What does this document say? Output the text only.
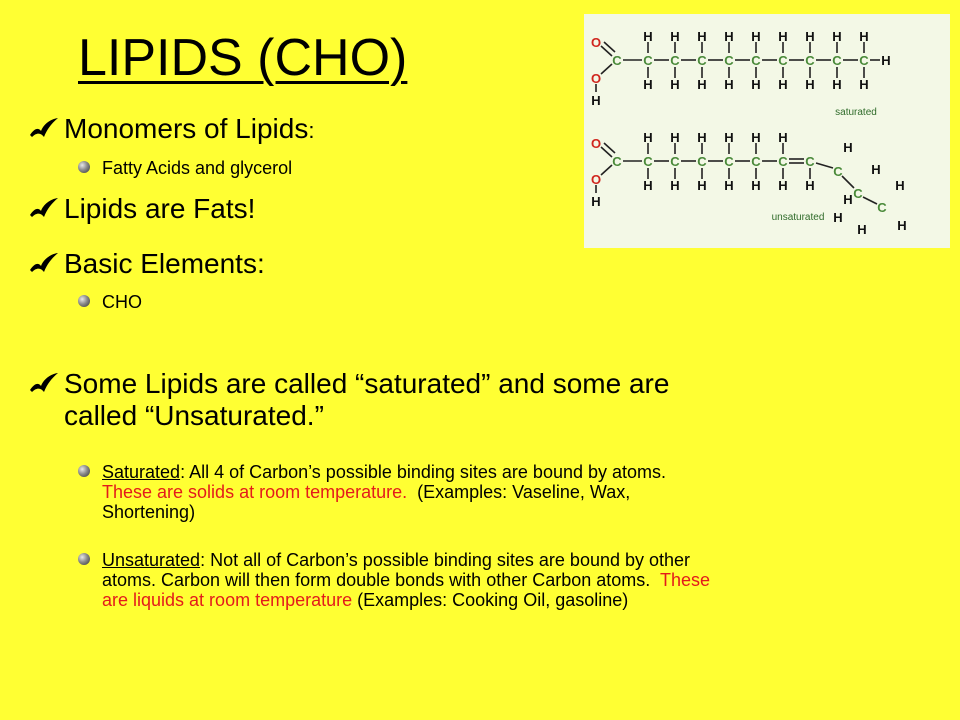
LIPIDS (CHO)
Monomers of Lipids:
Fatty Acids and glycerol
Lipids are Fats!
Basic Elements:
CHO
Some Lipids are called “saturated” and some are
called “Unsaturated.”
Saturated: All 4 of Carbon’s possible binding sites are bound by atoms.
These are solids at room temperature.  (Examples: Vaseline, Wax,
Shortening)
Unsaturated: Not all of Carbon’s possible binding sites are bound by other
atoms. Carbon will then form double bonds with other Carbon atoms.  These
are liquids at room temperature (Examples: Cooking Oil, gasoline)
O
C
O
H
C
H
H
C
H
H
C
H
H
C
H
H
C
H
H
C
H
H
C
H
H
C
H
H
C
H
H
H
O
C
O
H
C
H
H
C
H
H
C
H
H
C
H
H
C
H
H
C
H
H
C
H
C
H
H C
H
H
C
H
H
H
saturated
unsaturated
